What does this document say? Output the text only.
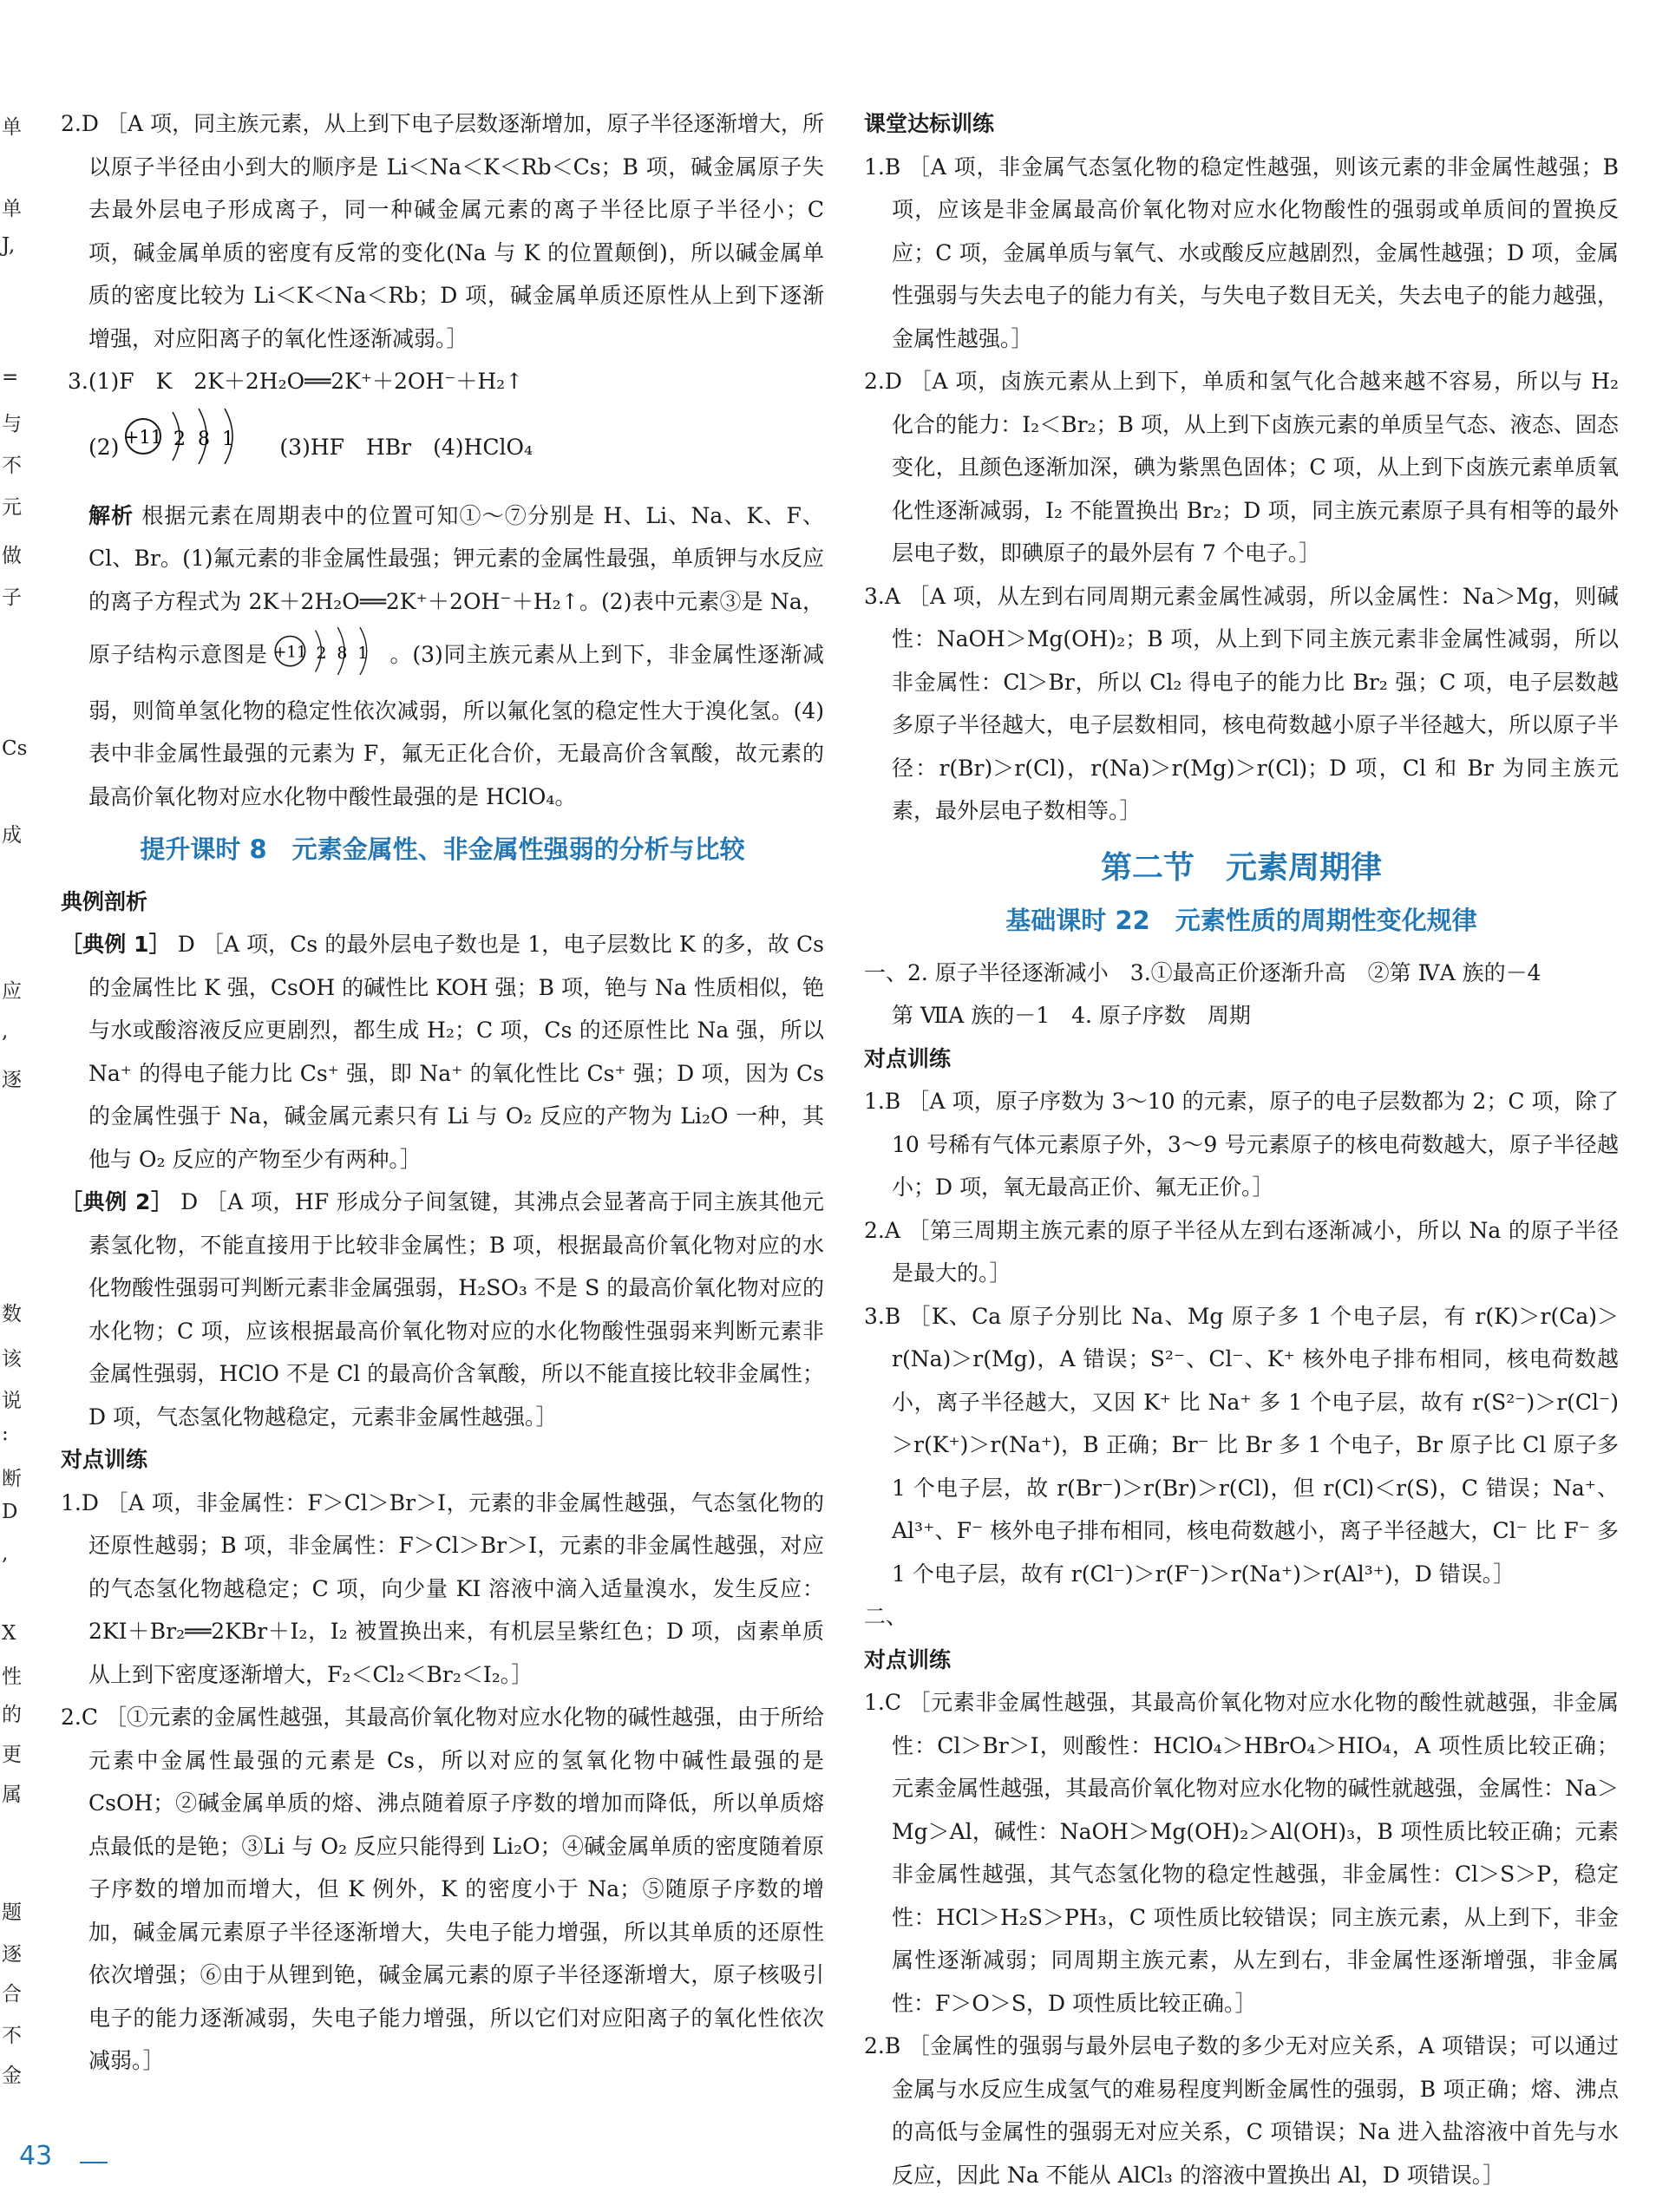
单
单
J,
=
与
不
元
做
子
Cs
成
应
,
逐
数
该
说
:
断
D
,
X
性
的
更
属
题
逐
合
不
金

2.D ［A 项，同主族元素，从上到下电子层数逐渐增加，原子半径逐渐增大，所以原子半径由小到大的顺序是 Li＜Na＜K＜Rb＜Cs；B 项，碱金属原子失去最外层电子形成离子，同一种碱金属元素的离子半径比原子半径小；C 项，碱金属单质的密度有反常的变化(Na 与 K 的位置颠倒)，所以碱金属单质的密度比较为 Li＜K＜Na＜Rb；D 项，碱金属单质还原性从上到下逐渐增强，对应阳离子的氧化性逐渐减弱。］

3.(1)F　K　2K＋2H₂O══2K⁺＋2OH⁻＋H₂↑

(2) +11 2  8  1 　(3)HF　HBr　(4)HClO₄

解析 根据元素在周期表中的位置可知①～⑦分别是 H、Li、Na、K、F、Cl、Br。(1)氟元素的非金属性最强；钾元素的金属性最强，单质钾与水反应的离子方程式为 2K＋2H₂O══2K⁺＋2OH⁻＋H₂↑。(2)表中元素③是 Na，原子结构示意图是 +11 2  8  1 。(3)同主族元素从上到下，非金属性逐渐减弱，则简单氢化物的稳定性依次减弱，所以氟化氢的稳定性大于溴化氢。(4)表中非金属性最强的元素为 F，氟无正化合价，无最高价含氧酸，故元素的最高价氧化物对应水化物中酸性最强的是 HClO₄。

提升课时 8　元素金属性、非金属性强弱的分析与比较

典例剖析

［典例 1］ D ［A 项，Cs 的最外层电子数也是 1，电子层数比 K 的多，故 Cs 的金属性比 K 强，CsOH 的碱性比 KOH 强；B 项，铯与 Na 性质相似，铯与水或酸溶液反应更剧烈，都生成 H₂；C 项，Cs 的还原性比 Na 强，所以 Na⁺ 的得电子能力比 Cs⁺ 强，即 Na⁺ 的氧化性比 Cs⁺ 强；D 项，因为 Cs 的金属性强于 Na，碱金属元素只有 Li 与 O₂ 反应的产物为 Li₂O 一种，其他与 O₂ 反应的产物至少有两种。］

［典例 2］ D ［A 项，HF 形成分子间氢键，其沸点会显著高于同主族其他元素氢化物，不能直接用于比较非金属性；B 项，根据最高价氧化物对应的水化物酸性强弱可判断元素非金属强弱，H₂SO₃ 不是 S 的最高价氧化物对应的水化物；C 项，应该根据最高价氧化物对应的水化物酸性强弱来判断元素非金属性强弱，HClO 不是 Cl 的最高价含氧酸，所以不能直接比较非金属性；D 项，气态氢化物越稳定，元素非金属性越强。］

对点训练

1.D ［A 项，非金属性：F＞Cl＞Br＞I，元素的非金属性越强，气态氢化物的还原性越弱；B 项，非金属性：F＞Cl＞Br＞I，元素的非金属性越强，对应的气态氢化物越稳定；C 项，向少量 KI 溶液中滴入适量溴水，发生反应：2KI＋Br₂══2KBr＋I₂，I₂ 被置换出来，有机层呈紫红色；D 项，卤素单质从上到下密度逐渐增大，F₂＜Cl₂＜Br₂＜I₂。］

2.C ［①元素的金属性越强，其最高价氧化物对应水化物的碱性越强，由于所给元素中金属性最强的元素是 Cs，所以对应的氢氧化物中碱性最强的是 CsOH；②碱金属单质的熔、沸点随着原子序数的增加而降低，所以单质熔点最低的是铯；③Li 与 O₂ 反应只能得到 Li₂O；④碱金属单质的密度随着原子序数的增加而增大，但 K 例外，K 的密度小于 Na；⑤随原子序数的增加，碱金属元素原子半径逐渐增大，失电子能力增强，所以其单质的还原性依次增强；⑥由于从锂到铯，碱金属元素的原子半径逐渐增大，原子核吸引电子的能力逐渐减弱，失电子能力增强，所以它们对应阳离子的氧化性依次减弱。］

课堂达标训练

1.B ［A 项，非金属气态氢化物的稳定性越强，则该元素的非金属性越强；B 项，应该是非金属最高价氧化物对应水化物酸性的强弱或单质间的置换反应；C 项，金属单质与氧气、水或酸反应越剧烈，金属性越强；D 项，金属性强弱与失去电子的能力有关，与失电子数目无关，失去电子的能力越强，金属性越强。］

2.D ［A 项，卤族元素从上到下，单质和氢气化合越来越不容易，所以与 H₂ 化合的能力：I₂＜Br₂；B 项，从上到下卤族元素的单质呈气态、液态、固态变化，且颜色逐渐加深，碘为紫黑色固体；C 项，从上到下卤族元素单质氧化性逐渐减弱，I₂ 不能置换出 Br₂；D 项，同主族元素原子具有相等的最外层电子数，即碘原子的最外层有 7 个电子。］

3.A ［A 项，从左到右同周期元素金属性减弱，所以金属性：Na＞Mg，则碱性：NaOH＞Mg(OH)₂；B 项，从上到下同主族元素非金属性减弱，所以非金属性：Cl＞Br，所以 Cl₂ 得电子的能力比 Br₂ 强；C 项，电子层数越多原子半径越大，电子层数相同，核电荷数越小原子半径越大，所以原子半径：r(Br)＞r(Cl)，r(Na)＞r(Mg)＞r(Cl)；D 项，Cl 和 Br 为同主族元素，最外层电子数相等。］

第二节　元素周期律
基础课时 22　元素性质的周期性变化规律

一、2. 原子半径逐渐减小　3.①最高正价逐渐升高　②第 ⅣA 族的－4

第 ⅦA 族的－1　4. 原子序数　周期

对点训练

1.B ［A 项，原子序数为 3～10 的元素，原子的电子层数都为 2；C 项，除了 10 号稀有气体元素原子外，3～9 号元素原子的核电荷数越大，原子半径越小；D 项，氧无最高正价、氟无正价。］

2.A ［第三周期主族元素的原子半径从左到右逐渐减小，所以 Na 的原子半径是最大的。］

3.B ［K、Ca 原子分别比 Na、Mg 原子多 1 个电子层，有 r(K)＞r(Ca)＞r(Na)＞r(Mg)，A 错误；S²⁻、Cl⁻、K⁺ 核外电子排布相同，核电荷数越小，离子半径越大，又因 K⁺ 比 Na⁺ 多 1 个电子层，故有 r(S²⁻)＞r(Cl⁻)＞r(K⁺)＞r(Na⁺)，B 正确；Br⁻ 比 Br 多 1 个电子，Br 原子比 Cl 原子多 1 个电子层，故 r(Br⁻)＞r(Br)＞r(Cl)，但 r(Cl)＜r(S)，C 错误；Na⁺、Al³⁺、F⁻ 核外电子排布相同，核电荷数越小，离子半径越大，Cl⁻ 比 F⁻ 多 1 个电子层，故有 r(Cl⁻)＞r(F⁻)＞r(Na⁺)＞r(Al³⁺)，D 错误。］

二、

对点训练

1.C ［元素非金属性越强，其最高价氧化物对应水化物的酸性就越强，非金属性：Cl＞Br＞I，则酸性：HClO₄＞HBrO₄＞HIO₄，A 项性质比较正确；元素金属性越强，其最高价氧化物对应水化物的碱性就越强，金属性：Na＞Mg＞Al，碱性：NaOH＞Mg(OH)₂＞Al(OH)₃，B 项性质比较正确；元素非金属性越强，其气态氢化物的稳定性越强，非金属性：Cl＞S＞P，稳定性：HCl＞H₂S＞PH₃，C 项性质比较错误；同主族元素，从上到下，非金属性逐渐减弱；同周期主族元素，从左到右，非金属性逐渐增强，非金属性：F＞O＞S，D 项性质比较正确。］

2.B ［金属性的强弱与最外层电子数的多少无对应关系，A 项错误；可以通过金属与水反应生成氢气的难易程度判断金属性的强弱，B 项正确；熔、沸点的高低与金属性的强弱无对应关系，C 项错误；Na 进入盐溶液中首先与水反应，因此 Na 不能从 AlCl₃ 的溶液中置换出 Al，D 项错误。］

43
